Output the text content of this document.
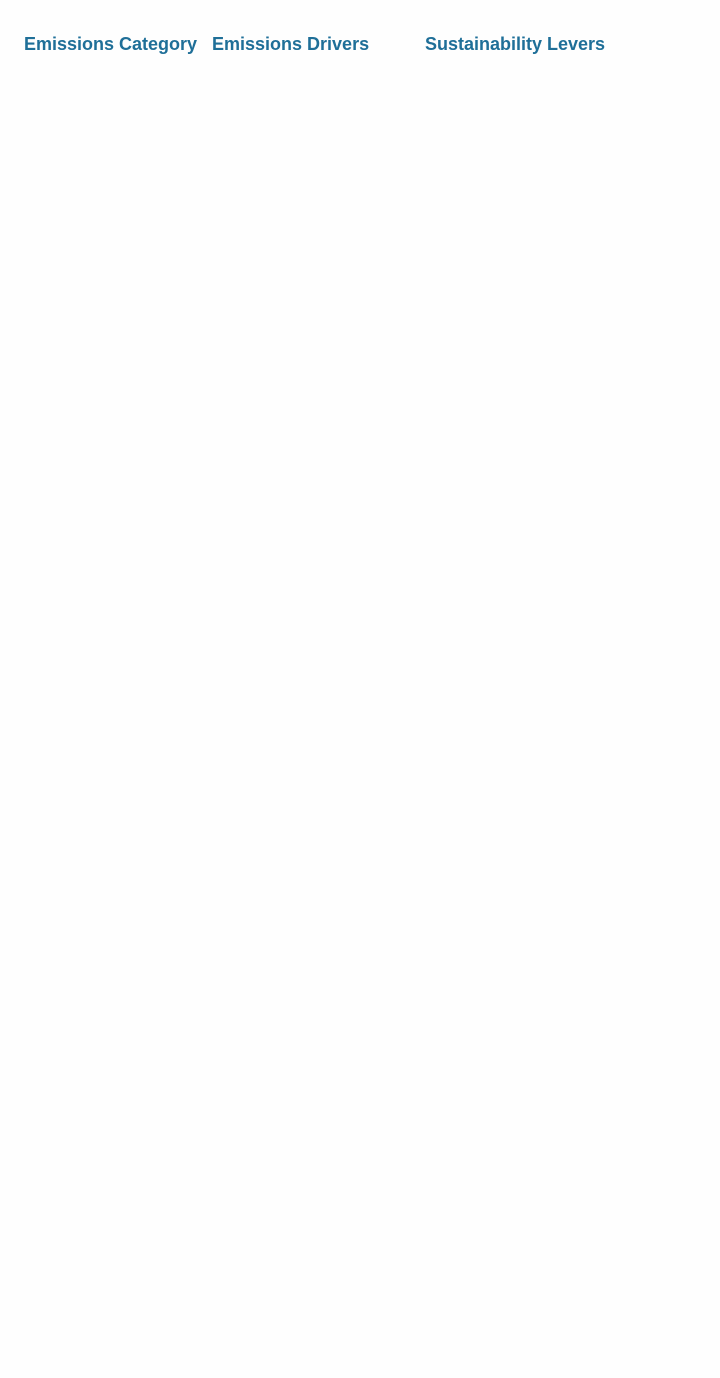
Emissions Category Emissions Drivers	Sustainability Levers
